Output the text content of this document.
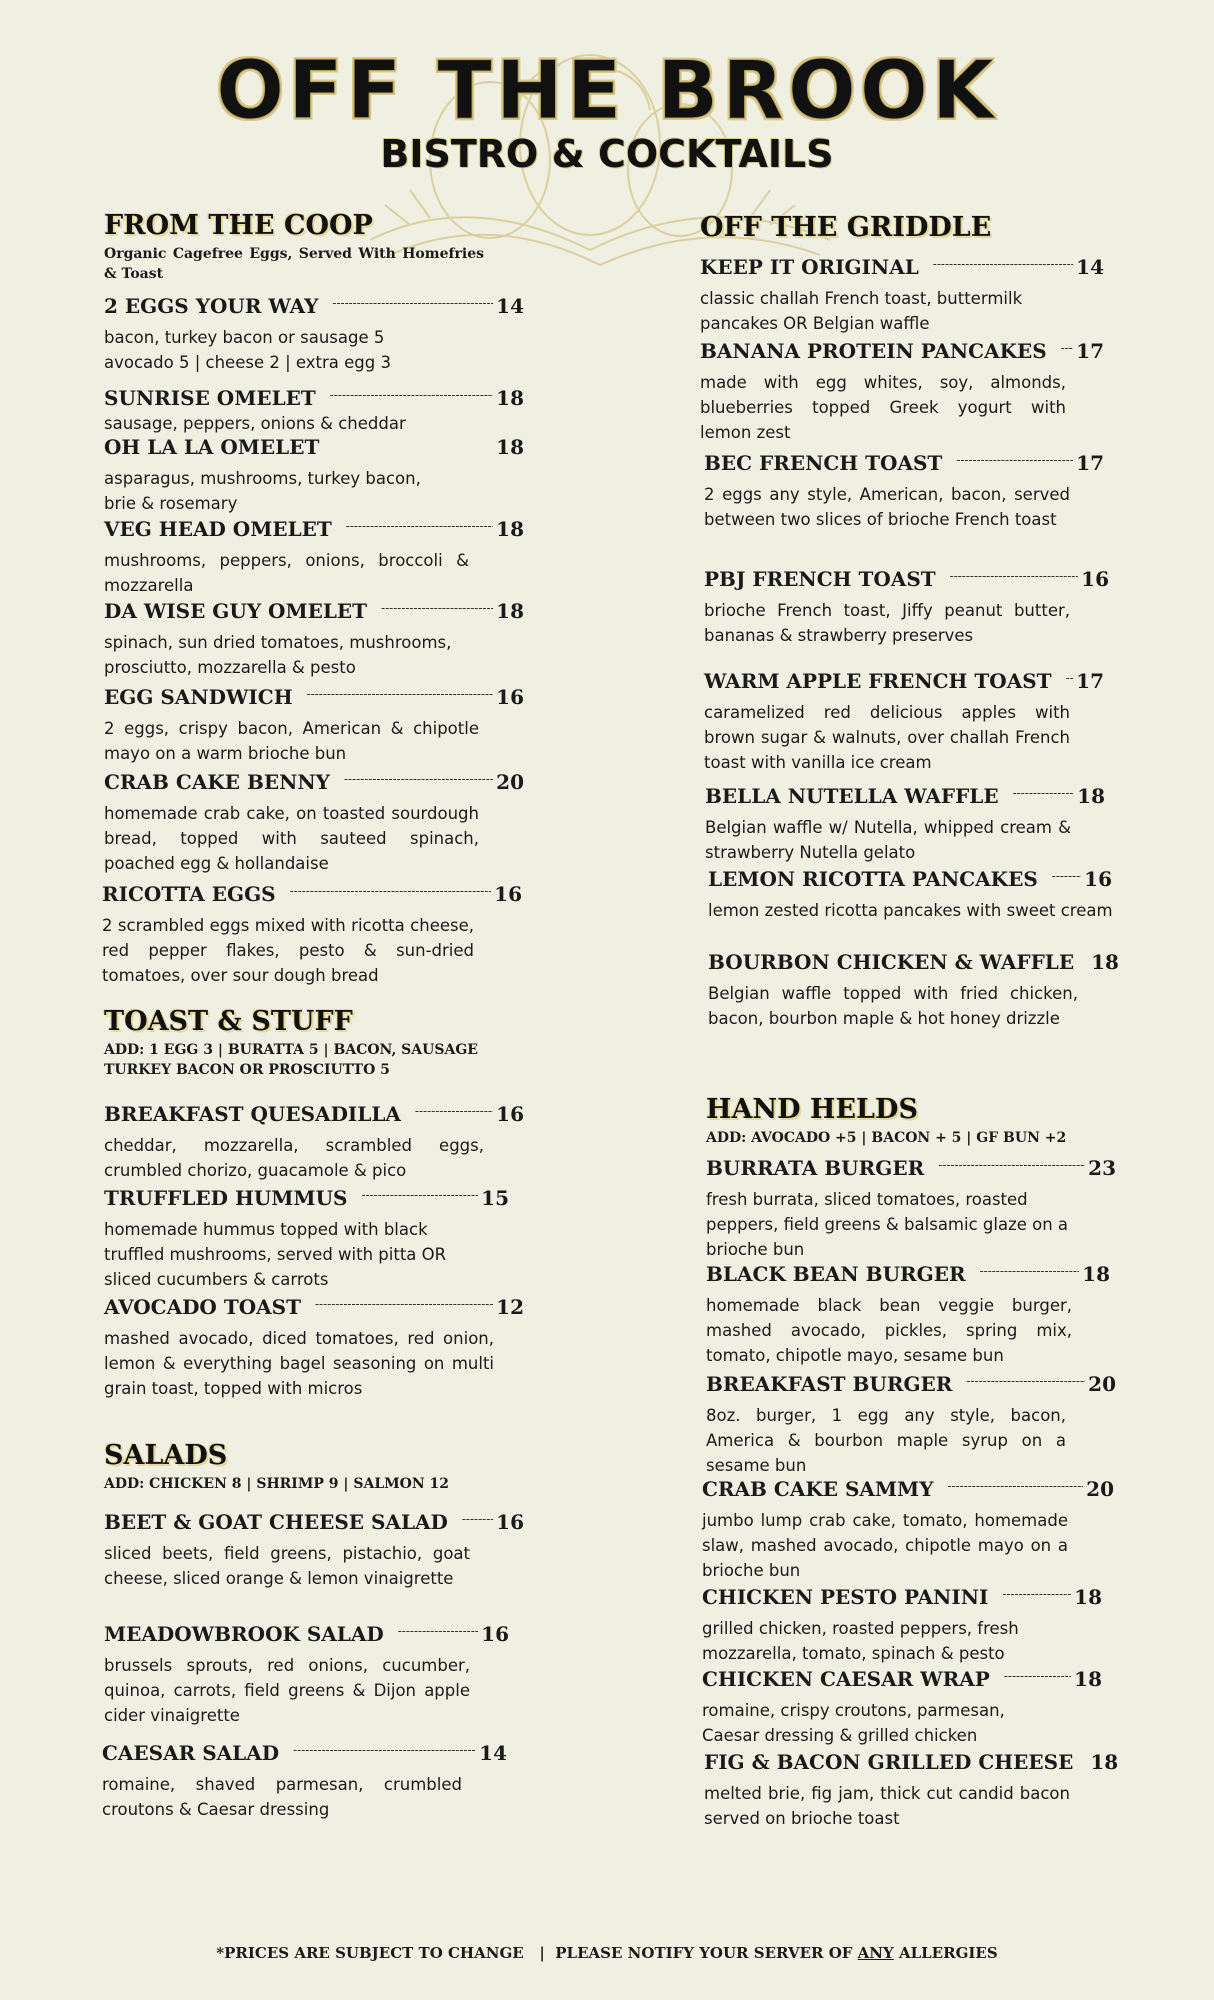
OFF THE BROOK
BISTRO & COCKTAILS
FROM THE COOP

Organic Cagefree Eggs, Served With Homefries & Toast

2 EGGS YOUR WAY -----	14

bacon, turkey bacon or sausage 5
avocado 5 | cheese 2 | extra egg 3

SUNRISE OMELET -----	18

sausage, peppers, onions & cheddar

OH LA LA OMELET	18

asparagus, mushrooms, turkey bacon, brie & rosemary

VEG HEAD OMELET -----	18

mushrooms, peppers, onions, broccoli & mozzarella

DA WISE GUY OMELET -----	18

spinach, sun dried tomatoes, mushrooms, prosciutto, mozzarella & pesto

EGG SANDWICH -----	16

2 eggs, crispy bacon, American & chipotle mayo on a warm brioche bun

CRAB CAKE BENNY -----	20

homemade crab cake, on toasted sourdough bread, topped with sauteed spinach, poached egg & hollandaise

RICOTTA EGGS -----	16

2 scrambled eggs mixed with ricotta cheese, red pepper flakes, pesto & sun-dried tomatoes, over sour dough bread

TOAST & STUFF

ADD: 1 EGG 3 | BURATTA 5 | BACON, SAUSAGE TURKEY BACON OR PROSCIUTTO 5

BREAKFAST QUESADILLA -----	16

cheddar, mozzarella, scrambled eggs, crumbled chorizo, guacamole & pico

TRUFFLED HUMMUS -----	15

homemade hummus topped with black truffled mushrooms, served with pitta OR sliced cucumbers & carrots

AVOCADO TOAST -----	12

mashed avocado, diced tomatoes, red onion, lemon & everything bagel seasoning on multi grain toast, topped with micros

SALADS

ADD: CHICKEN 8 | SHRIMP 9 | SALMON 12

BEET & GOAT CHEESE SALAD ----- 16

sliced beets, field greens, pistachio, goat cheese, sliced orange & lemon vinaigrette

MEADOWBROOK SALAD -----	16

brussels sprouts, red onions, cucumber, quinoa, carrots, field greens & Dijon apple cider vinaigrette

CAESAR SALAD -----	14

romaine, shaved parmesan, crumbled croutons & Caesar dressing

OFF THE GRIDDLE
KEEP IT ORIGINAL -----	14

classic challah French toast, buttermilk pancakes OR Belgian waffle

BANANA PROTEIN PANCAKES ----- 17

made with egg whites, soy, almonds, blueberries topped Greek yogurt with lemon zest

BEC FRENCH TOAST -----	17

2 eggs any style, American, bacon, served between two slices of brioche French toast

PBJ FRENCH TOAST -----	16

brioche French toast, Jiffy peanut butter, bananas & strawberry preserves

WARM APPLE FRENCH TOAST ----- 17

caramelized red delicious apples with brown sugar & walnuts, over challah French toast with vanilla ice cream

BELLA NUTELLA WAFFLE -----	18

Belgian waffle w/ Nutella, whipped cream & strawberry Nutella gelato

LEMON RICOTTA PANCAKES ----- 16

lemon zested ricotta pancakes with sweet cream

BOURBON CHICKEN & WAFFLE 18

Belgian waffle topped with fried chicken, bacon, bourbon maple & hot honey drizzle

HAND HELDS

ADD: AVOCADO +5 | BACON + 5 | GF BUN +2

BURRATA BURGER -----	23

fresh burrata, sliced tomatoes, roasted peppers, field greens & balsamic glaze on a brioche bun

BLACK BEAN BURGER -----	18

homemade black bean veggie burger, mashed avocado, pickles, spring mix, tomato, chipotle mayo, sesame bun

BREAKFAST BURGER -----	20

8oz. burger, 1 egg any style, bacon, America & bourbon maple syrup on a sesame bun

CRAB CAKE SAMMY -----	20

jumbo lump crab cake, tomato, homemade slaw, mashed avocado, chipotle mayo on a brioche bun

CHICKEN PESTO PANINI -----	18

grilled chicken, roasted peppers, fresh mozzarella, tomato, spinach & pesto

CHICKEN CAESAR WRAP -----	18

romaine, crispy croutons, parmesan, Caesar dressing & grilled chicken

FIG & BACON GRILLED CHEESE 18

melted brie, fig jam, thick cut candid bacon served on brioche toast

*PRICES ARE SUBJECT TO CHANGE | PLEASE NOTIFY YOUR SERVER OF ANY ALLERGIES
